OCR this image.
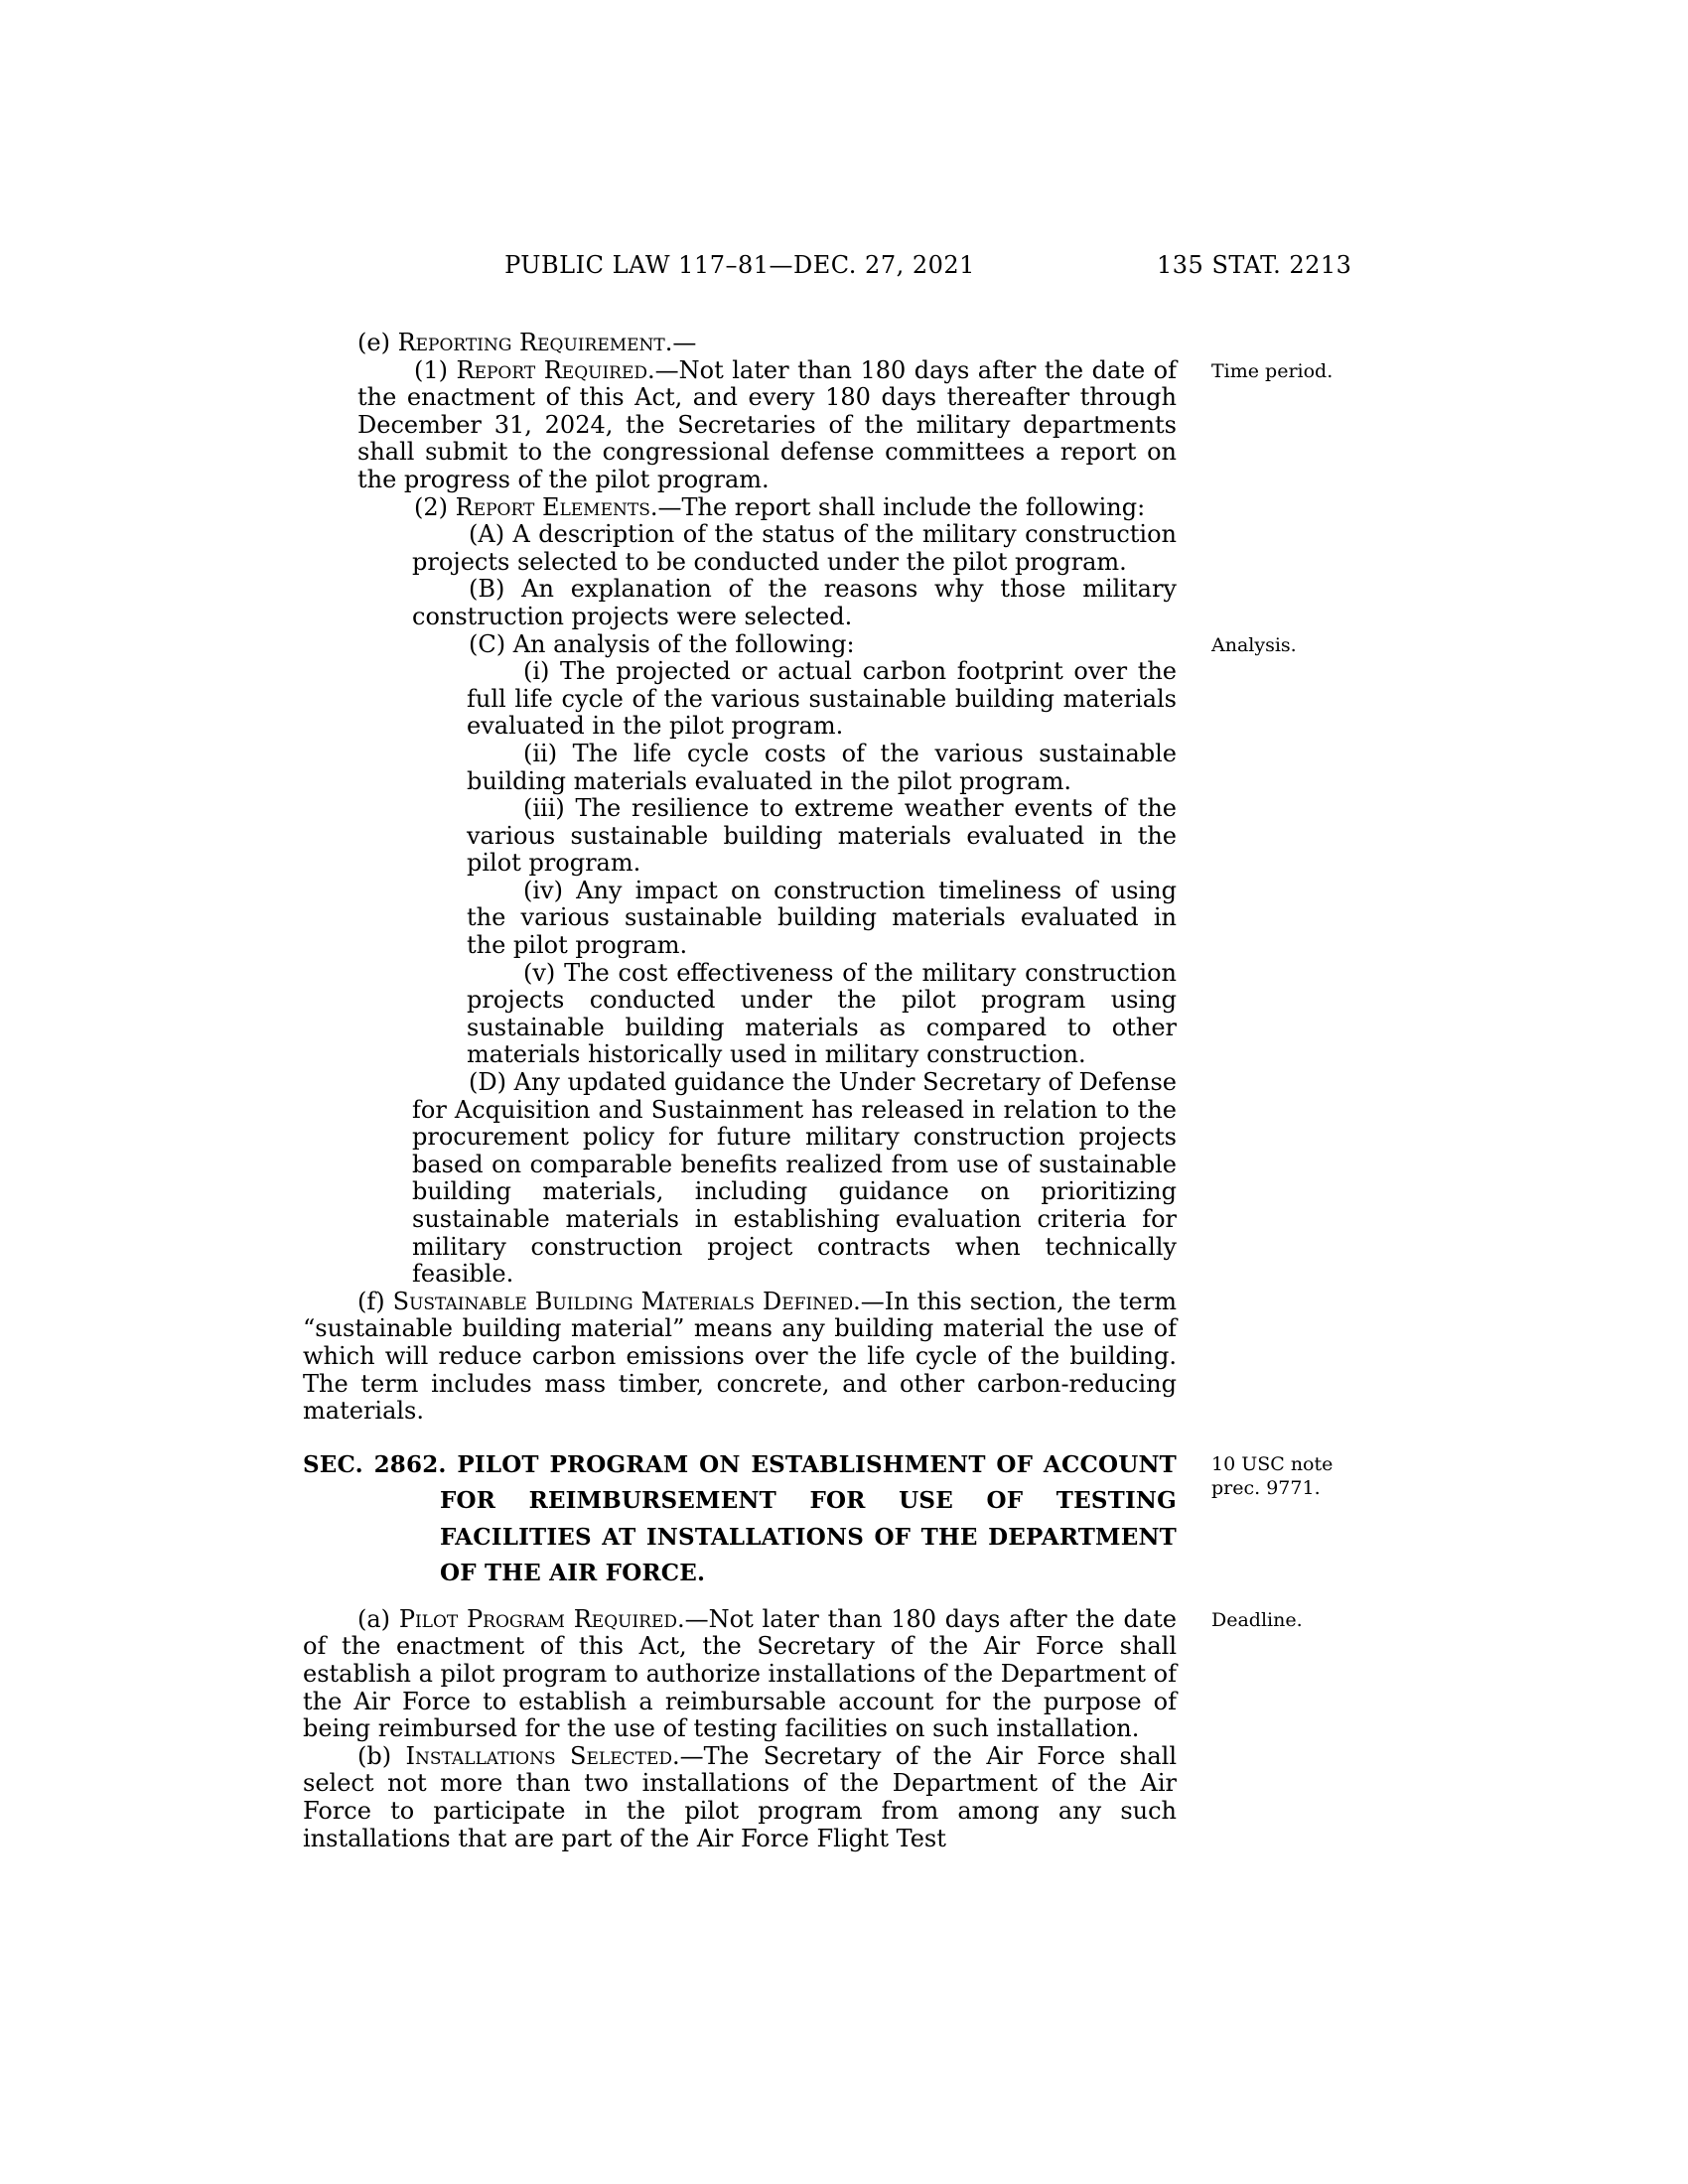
PUBLIC LAW 117–81—DEC. 27, 2021	135 STAT. 2213
(e) Reporting Requirement.—
Time period.
(1) Report Required.—Not later than 180 days after the date of the enactment of this Act, and every 180 days thereafter through December 31, 2024, the Secretaries of the military departments shall submit to the congressional defense committees a report on the progress of the pilot program.
(2) Report Elements.—The report shall include the following:
(A) A description of the status of the military construction projects selected to be conducted under the pilot program.
(B) An explanation of the reasons why those military construction projects were selected.
Analysis.
(C) An analysis of the following:
(i) The projected or actual carbon footprint over the full life cycle of the various sustainable building materials evaluated in the pilot program.
(ii) The life cycle costs of the various sustainable building materials evaluated in the pilot program.
(iii) The resilience to extreme weather events of the various sustainable building materials evaluated in the pilot program.
(iv) Any impact on construction timeliness of using the various sustainable building materials evaluated in the pilot program.
(v) The cost effectiveness of the military construction projects conducted under the pilot program using sustainable building materials as compared to other materials historically used in military construction.
(D) Any updated guidance the Under Secretary of Defense for Acquisition and Sustainment has released in relation to the procurement policy for future military construction projects based on comparable benefits realized from use of sustainable building materials, including guidance on prioritizing sustainable materials in establishing evaluation criteria for military construction project contracts when technically feasible.
(f) Sustainable Building Materials Defined.—In this section, the term “sustainable building material” means any building material the use of which will reduce carbon emissions over the life cycle of the building. The term includes mass timber, concrete, and other carbon-reducing materials.
10 USC note prec. 9771.
SEC. 2862. PILOT PROGRAM ON ESTABLISHMENT OF ACCOUNT FOR REIMBURSEMENT FOR USE OF TESTING FACILITIES AT INSTALLATIONS OF THE DEPARTMENT OF THE AIR FORCE.
Deadline.
(a) Pilot Program Required.—Not later than 180 days after the date of the enactment of this Act, the Secretary of the Air Force shall establish a pilot program to authorize installations of the Department of the Air Force to establish a reimbursable account for the purpose of being reimbursed for the use of testing facilities on such installation.
(b) Installations Selected.—The Secretary of the Air Force shall select not more than two installations of the Department of the Air Force to participate in the pilot program from among any such installations that are part of the Air Force Flight Test
